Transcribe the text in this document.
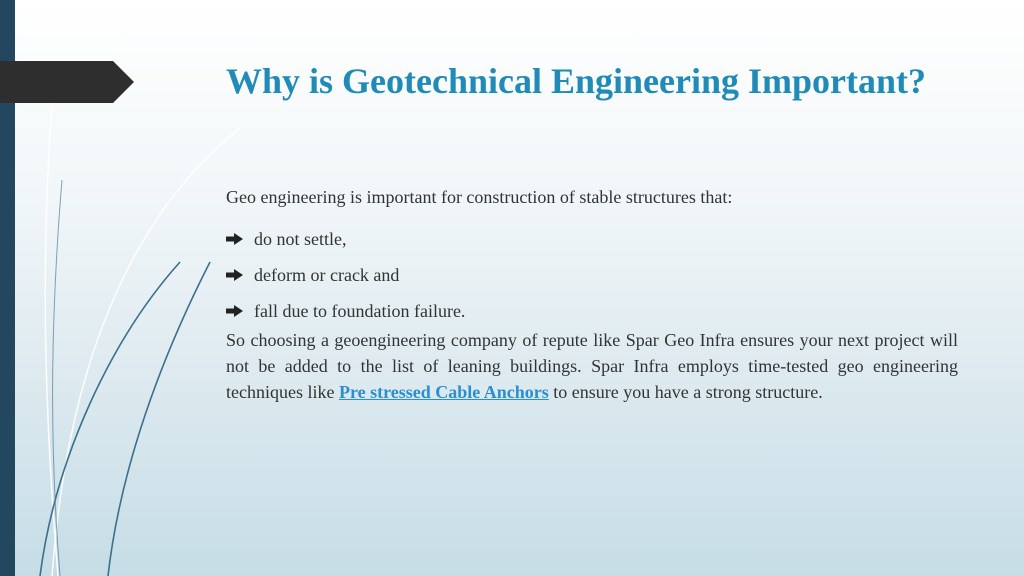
Why is Geotechnical Engineering Important?

Geo engineering is important for construction of stable structures that:

do not settle,
deform or crack and
fall due to foundation failure.

So choosing a geoengineering company of repute like Spar Geo Infra ensures your next project will not be added to the list of leaning buildings. Spar Infra employs time-tested geo engineering techniques like Pre stressed Cable Anchors to ensure you have a strong structure.
